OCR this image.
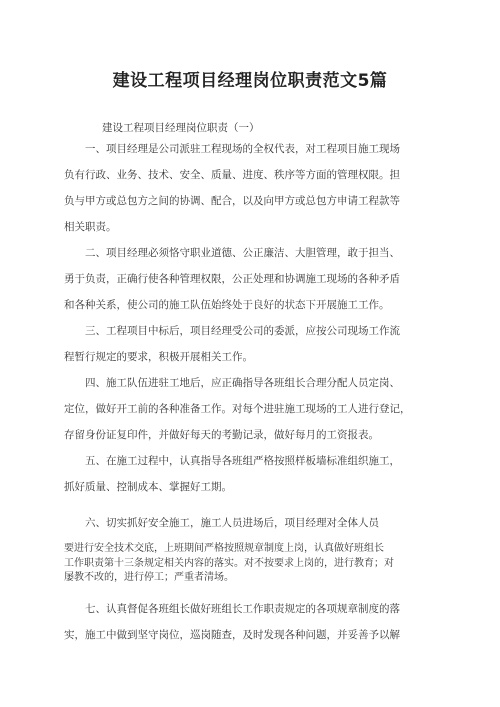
建设工程项目经理岗位职责范文5篇
建设工程项目经理岗位职责（一）
一、项目经理是公司派驻工程现场的全权代表，对工程项目施工现场
负有行政、业务、技术、安全、质量、进度、秩序等方面的管理权限。担
负与甲方或总包方之间的协调、配合，以及向甲方或总包方申请工程款等
相关职责。
二、项目经理必须恪守职业道德、公正廉洁、大胆管理，敢于担当、
勇于负责，正确行使各种管理权限，公正处理和协调施工现场的各种矛盾
和各种关系，使公司的施工队伍始终处于良好的状态下开展施工工作。
三、工程项目中标后，项目经理受公司的委派，应按公司现场工作流
程暂行规定的要求，积极开展相关工作。
四、施工队伍进驻工地后，应正确指导各班组长合理分配人员定岗、
定位，做好开工前的各种准备工作。对每个进驻施工现场的工人进行登记，
存留身份证复印件，并做好每天的考勤记录，做好每月的工资报表。
五、在施工过程中，认真指导各班组严格按照样板墙标准组织施工，
抓好质量、控制成本、掌握好工期。
六、切实抓好安全施工，施工人员进场后，项目经理对全体人员
要进行安全技术交底，上班期间严格按照规章制度上岗，认真做好班组长
工作职责第十三条规定相关内容的落实。对不按要求上岗的，进行教育；对
屡教不改的，进行停工；严重者清场。
七、认真督促各班组长做好班组长工作职责规定的各项规章制度的落
实，施工中做到坚守岗位，巡岗随查，及时发现各种问题，并妥善予以解
